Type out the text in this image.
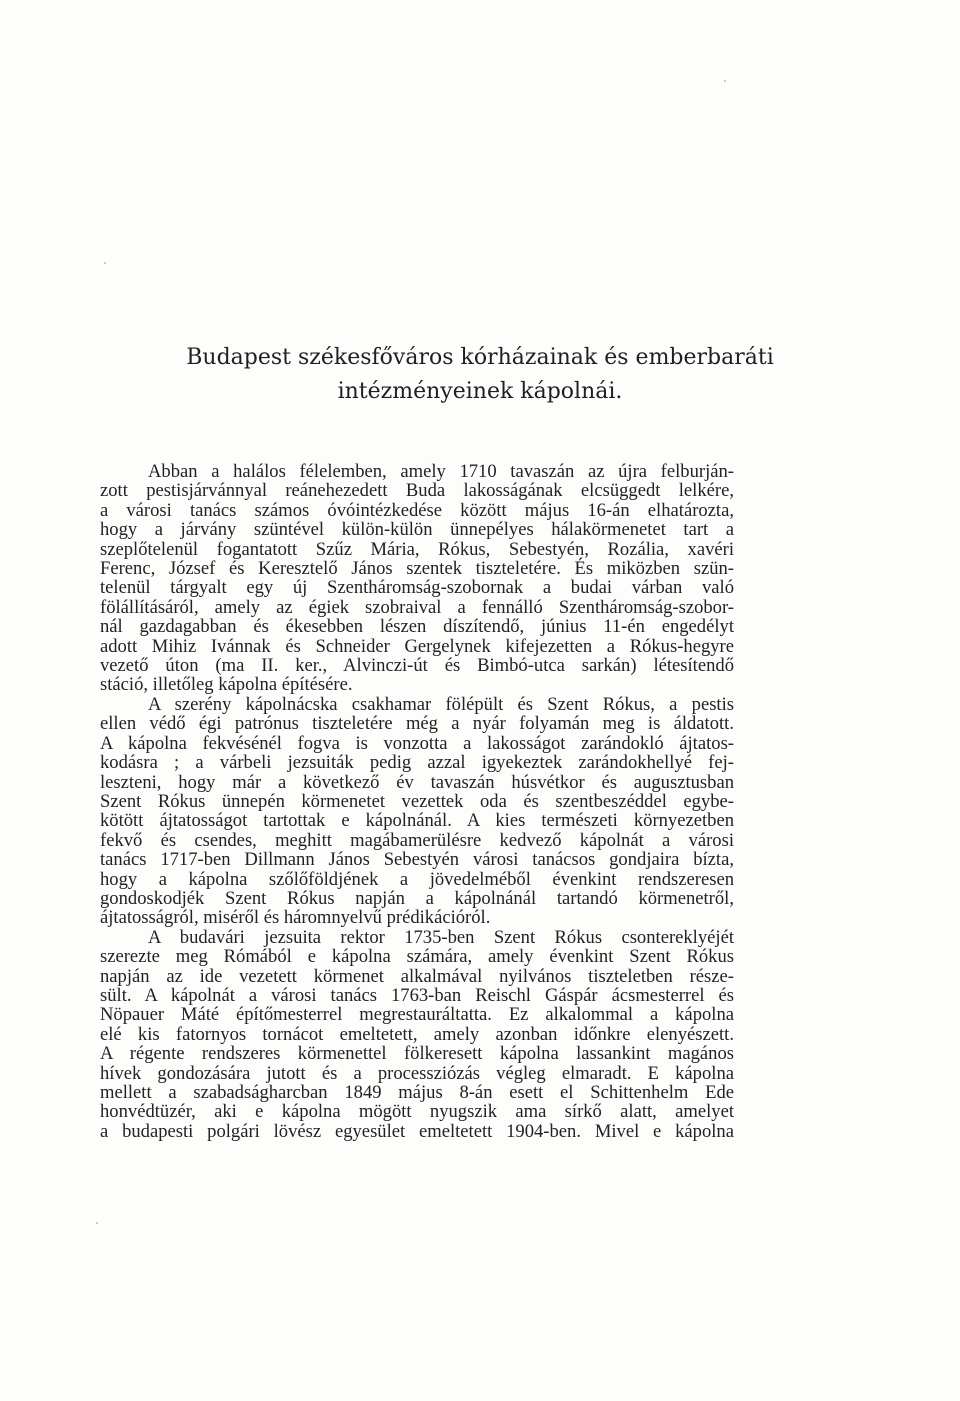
Budapest székesfőváros kórházainak és emberbaráti
intézményeinek kápolnái.
Abban a halálos félelemben, amely 1710 tavaszán az újra felburján-
zott pestisjárvánnyal reánehezedett Buda lakosságának elcsüggedt lelkére,
a városi tanács számos óvóintézkedése között május 16-án elhatározta,
hogy a járvány szüntével külön-külön ünnepélyes hálakörmenetet tart a
szeplőtelenül fogantatott Szűz Mária, Rókus, Sebestyén, Rozália, xavéri
Ferenc, József és Keresztelő János szentek tiszteletére. És miközben szün-
telenül tárgyalt egy új Szentháromság-szobornak a budai várban való
fölállításáról, amely az égiek szobraival a fennálló Szentháromság-szobor-
nál gazdagabban és ékesebben lészen díszítendő, június 11-én engedélyt
adott Mihiz Ivánnak és Schneider Gergelynek kifejezetten a Rókus-hegyre
vezető úton (ma II. ker., Alvinczi-út és Bimbó-utca sarkán) létesítendő
stáció, illetőleg kápolna építésére.
A szerény kápolnácska csakhamar fölépült és Szent Rókus, a pestis
ellen védő égi patrónus tiszteletére még a nyár folyamán meg is áldatott.
A kápolna fekvésénél fogva is vonzotta a lakosságot zarándokló ájtatos-
kodásra ; a várbeli jezsuiták pedig azzal igyekeztek zarándokhellyé fej-
leszteni, hogy már a következő év tavaszán húsvétkor és augusztusban
Szent Rókus ünnepén körmenetet vezettek oda és szentbeszéddel egybe-
kötött ájtatosságot tartottak e kápolnánál. A kies természeti környezetben
fekvő és csendes, meghitt magábamerülésre kedvező kápolnát a városi
tanács 1717-ben Dillmann János Sebestyén városi tanácsos gondjaira bízta,
hogy a kápolna szőlőföldjének a jövedelméből évenkint rendszeresen
gondoskodjék Szent Rókus napján a kápolnánál tartandó körmenetről,
ájtatosságról, miséről és háromnyelvű prédikációról.
A budavári jezsuita rektor 1735-ben Szent Rókus csontereklyéjét
szerezte meg Rómából e kápolna számára, amely évenkint Szent Rókus
napján az ide vezetett körmenet alkalmával nyilvános tiszteletben része-
sült. A kápolnát a városi tanács 1763-ban Reischl Gáspár ácsmesterrel és
Nöpauer Máté építőmesterrel megrestauráltatta. Ez alkalommal a kápolna
elé kis fatornyos tornácot emeltetett, amely azonban időnkre elenyészett.
A régente rendszeres körmenettel fölkeresett kápolna lassankint magános
hívek gondozására jutott és a processziózás végleg elmaradt. E kápolna
mellett a szabadságharcban 1849 május 8-án esett el Schittenhelm Ede
honvédtüzér, aki e kápolna mögött nyugszik ama sírkő alatt, amelyet
a budapesti polgári lövész egyesület emeltetett 1904-ben. Mivel e kápolna
